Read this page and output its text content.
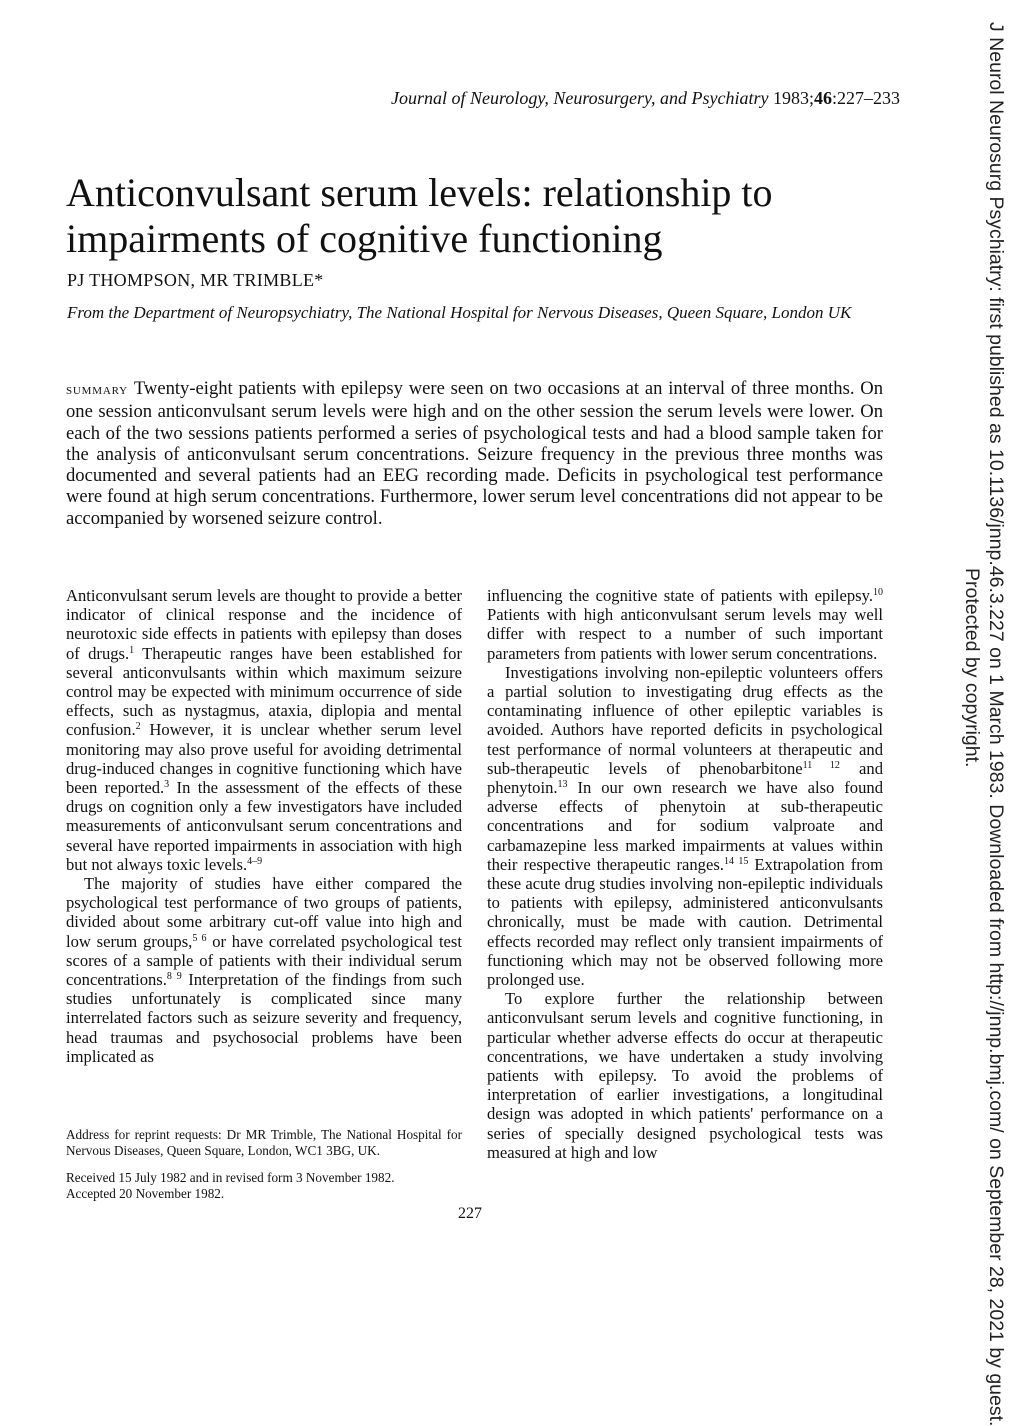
Journal of Neurology, Neurosurgery, and Psychiatry 1983;46:227–233
Anticonvulsant serum levels: relationship to impairments of cognitive functioning
PJ THOMPSON, MR TRIMBLE*
From the Department of Neuropsychiatry, The National Hospital for Nervous Diseases, Queen Square, London UK
summary Twenty-eight patients with epilepsy were seen on two occasions at an interval of three months. On one session anticonvulsant serum levels were high and on the other session the serum levels were lower. On each of the two sessions patients performed a series of psychological tests and had a blood sample taken for the analysis of anticonvulsant serum concentrations. Seizure frequency in the previous three months was documented and several patients had an EEG recording made. Deficits in psychological test performance were found at high serum concentrations. Furthermore, lower serum level concentrations did not appear to be accompanied by worsened seizure control.

Anticonvulsant serum levels are thought to provide a better indicator of clinical response and the incidence of neurotoxic side effects in patients with epilepsy than doses of drugs.$^1$ Therapeutic ranges have been established for several anticonvulsants within which maximum seizure control may be expected with minimum occurrence of side effects, such as nystagmus, ataxia, diplopia and mental confusion.$^2$ However, it is unclear whether serum level monitoring may also prove useful for avoiding detrimental drug-induced changes in cognitive functioning which have been reported.$^3$ In the assessment of the effects of these drugs on cognition only a few investigators have included measurements of anticonvulsant serum concentrations and several have reported impairments in association with high but not always toxic levels.$^{4-9}$

The majority of studies have either compared the psychological test performance of two groups of patients, divided about some arbitrary cut-off value into high and low serum groups,$^{5 6}$ or have correlated psychological test scores of a sample of patients with their individual serum concentrations.$^{8 9}$ Interpretation of the findings from such studies unfortunately is complicated since many interrelated factors such as seizure severity and frequency, head traumas and psychosocial problems have been implicated as

Address for reprint requests: Dr MR Trimble, The National Hospital for Nervous Diseases, Queen Square, London, WC1 3BG, UK.
Received 15 July 1982 and in revised form 3 November 1982.
Accepted 20 November 1982.

influencing the cognitive state of patients with epilepsy.$^{10}$ Patients with high anticonvulsant serum levels may well differ with respect to a number of such important parameters from patients with lower serum concentrations.

Investigations involving non-epileptic volunteers offers a partial solution to investigating drug effects as the contaminating influence of other epileptic variables is avoided. Authors have reported deficits in psychological test performance of normal volunteers at therapeutic and sub-therapeutic levels of phenobarbitone$^{11 12}$ and phenytoin.$^{13}$ In our own research we have also found adverse effects of phenytoin at sub-therapeutic concentrations and for sodium valproate and carbamazepine less marked impairments at values within their respective therapeutic ranges.$^{14 15}$ Extrapolation from these acute drug studies involving non-epileptic individuals to patients with epilepsy, administered anticonvulsants chronically, must be made with caution. Detrimental effects recorded may reflect only transient impairments of functioning which may not be observed following more prolonged use.

To explore further the relationship between anticonvulsant serum levels and cognitive functioning, in particular whether adverse effects do occur at therapeutic concentrations, we have undertaken a study involving patients with epilepsy. To avoid the problems of interpretation of earlier investigations, a longitudinal design was adopted in which patients' performance on a series of specially designed psychological tests was measured at high and low

227	J Neurol Neurosurg Psychiatry: first published as 10.1136/jnnp.46.3.227 on 1 March 1983. Downloaded from http://jnnp.bmj.com/ on September 28, 2021 by guest.
Protected by copyright.
